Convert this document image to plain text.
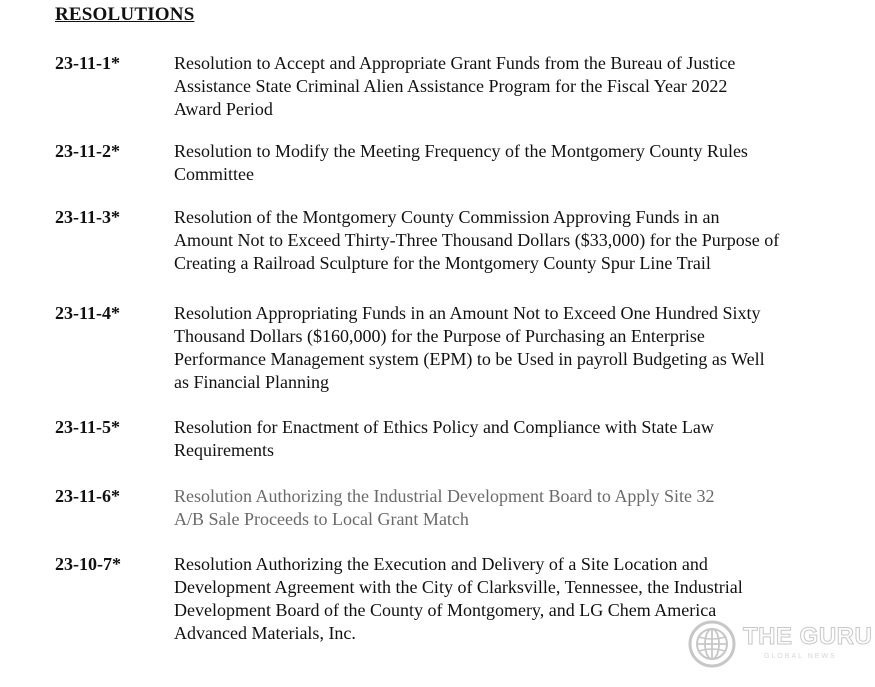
RESOLUTIONS
23-11-1*	Resolution to Accept and Appropriate Grant Funds from the Bureau of Justice
Assistance State Criminal Alien Assistance Program for the Fiscal Year 2022
Award Period
23-11-2*	Resolution to Modify the Meeting Frequency of the Montgomery County Rules
Committee
23-11-3*	Resolution of the Montgomery County Commission Approving Funds in an
Amount Not to Exceed Thirty-Three Thousand Dollars ($33,000) for the Purpose of
Creating a Railroad Sculpture for the Montgomery County Spur Line Trail
23-11-4*	Resolution Appropriating Funds in an Amount Not to Exceed One Hundred Sixty
Thousand Dollars ($160,000) for the Purpose of Purchasing an Enterprise
Performance Management system (EPM) to be Used in payroll Budgeting as Well
as Financial Planning
23-11-5*	Resolution for Enactment of Ethics Policy and Compliance with State Law
Requirements
23-11-6*	Resolution Authorizing the Industrial Development Board to Apply Site 32
A/B Sale Proceeds to Local Grant Match
23-10-7*	Resolution Authorizing the Execution and Delivery of a Site Location and
Development Agreement with the City of Clarksville, Tennessee, the Industrial
Development Board of the County of Montgomery, and LG Chem America
Advanced Materials, Inc.	THE GURU
GLOBAL NEWS
